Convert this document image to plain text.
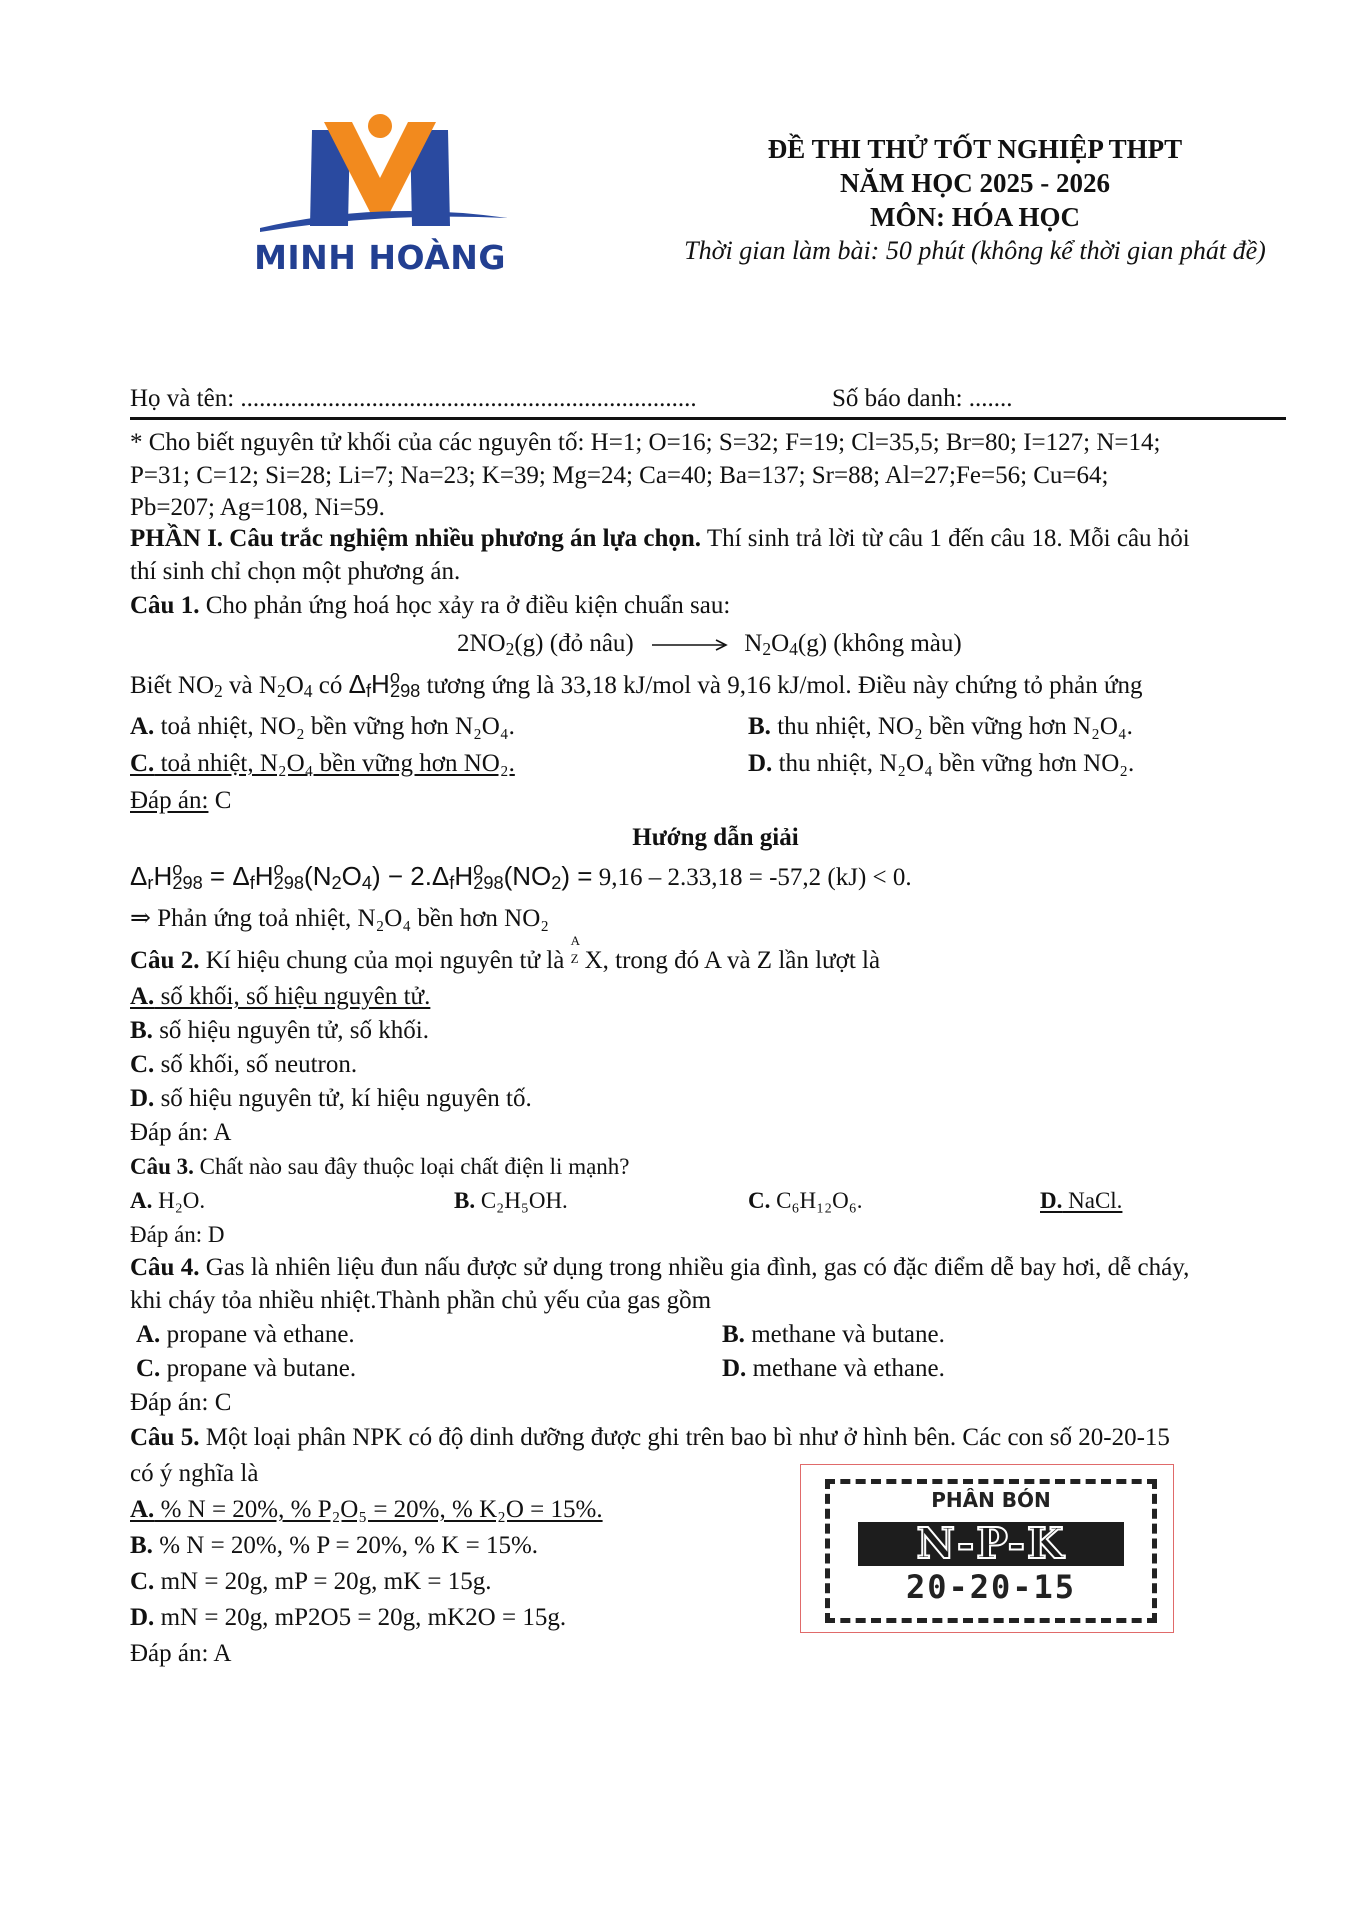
MINH HOÀNG
ĐỀ THI THỬ TỐT NGHIỆP THPT
NĂM HỌC 2025 - 2026
MÔN: HÓA HỌC
Thời gian làm bài: 50 phút (không kể thời gian phát đề)
Họ và tên: .........................................................................	Số báo danh: .......
* Cho biết nguyên tử khối của các nguyên tố: H=1; O=16; S=32; F=19; Cl=35,5; Br=80; I=127; N=14;
P=31; C=12; Si=28; Li=7; Na=23; K=39; Mg=24; Ca=40; Ba=137; Sr=88; Al=27;Fe=56; Cu=64;
Pb=207; Ag=108, Ni=59.
PHẦN I. Câu trắc nghiệm nhiều phương án lựa chọn. Thí sinh trả lời từ câu 1 đến câu 18. Mỗi câu hỏi
thí sinh chỉ chọn một phương án.
Câu 1. Cho phản ứng hoá học xảy ra ở điều kiện chuẩn sau:
$2NO_2(g)$ (đỏ nâu) → $N_2O_4(g)$ (không màu)
Biết $NO_2$ và $N_2O_4$ có $\Delta_fH^o_{298}$ tương ứng là 33,18 kJ/mol và 9,16 kJ/mol. Điều này chứng tỏ phản ứng
A. toả nhiệt, NO₂ bền vững hơn N₂O₄.	B. thu nhiệt, NO₂ bền vững hơn N₂O₄.
C. toả nhiệt, N₂O₄ bền vững hơn NO₂.	D. thu nhiệt, N₂O₄ bền vững hơn NO₂.
Đáp án: C
Hướng dẫn giải
$\Delta_rH^o_{298} = \Delta_fH^o_{298}(N_2O_4) - 2.\Delta_fH^o_{298}(NO_2) = 9,16 - 2.33,18 = -57,2$ (kJ) < 0.
⇒ Phản ứng toả nhiệt, N₂O₄ bền hơn NO₂
Câu 2. Kí hiệu chung của mọi nguyên tử là
A
Z X, trong đó A và Z lần lượt là
A. số khối, số hiệu nguyên tử.
B. số hiệu nguyên tử, số khối.
C. số khối, số neutron.
D. số hiệu nguyên tử, kí hiệu nguyên tố.
Đáp án: A
Câu 3. Chất nào sau đây thuộc loại chất điện li mạnh?
A. H₂O.	B. C₂H₅OH.	C. C₆H₁₂O₆.	D. NaCl.
Đáp án: D
Câu 4. Gas là nhiên liệu đun nấu được sử dụng trong nhiều gia đình, gas có đặc điểm dễ bay hơi, dễ cháy,
khi cháy tỏa nhiều nhiệt.Thành phần chủ yếu của gas gồm
A. propane và ethane.	B. methane và butane.
C. propane và butane.	D. methane và ethane.
Đáp án: C
Câu 5. Một loại phân NPK có độ dinh dưỡng được ghi trên bao bì như ở hình bên. Các con số 20-20-15
có ý nghĩa là
A. % N = 20%, % P₂O₅ = 20%, % K₂O = 15%.
B. % N = 20%, % P = 20%, % K = 15%.
C. mN = 20g, mP = 20g, mK = 15g.
D. mN = 20g, mP2O5 = 20g, mK2O = 15g.
Đáp án: A
PHÂN BÓN
N-P-K
20-20-15
